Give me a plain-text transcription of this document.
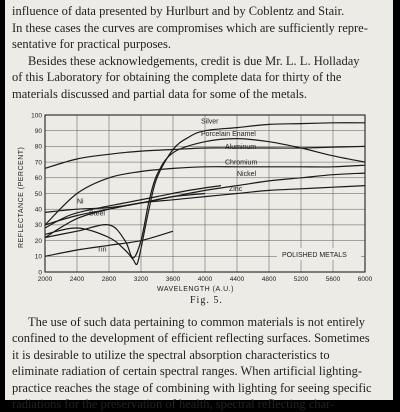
influence of data presented by Hurlburt and by Coblentz and Stair.

In these cases the curves are compromises which are sufficiently repre-

sentative for practical purposes.

Besides these acknowledgements, credit is due Mr. L. L. Holladay

of this Laboratory for obtaining the complete data for thirty of the

materials discussed and partial data for some of the metals.

0
10
20
30
40
50
60
70
80
90
100
2000	2400	2800	3200	3600	4000	4400	4800	5200	5600	6000
Silver
Porcelain Enamel
Aluminum
Chromium
Nickel
Zinc
Ni
Steel
Tin
POLISHED METALS
WAVELENGTH (A.U.)
REFLECTANCE (PERCENT)
Fig. 5.

The use of such data pertaining to common materials is not entirely

confined to the development of efficient reflecting surfaces. Sometimes

it is desirable to utilize the spectral absorption characteristics to

eliminate radiation of certain spectral ranges. When artificial lighting-

practice reaches the stage of combining with lighting for seeing specific

radiations for the preservation of health, spectral reflecting char-
